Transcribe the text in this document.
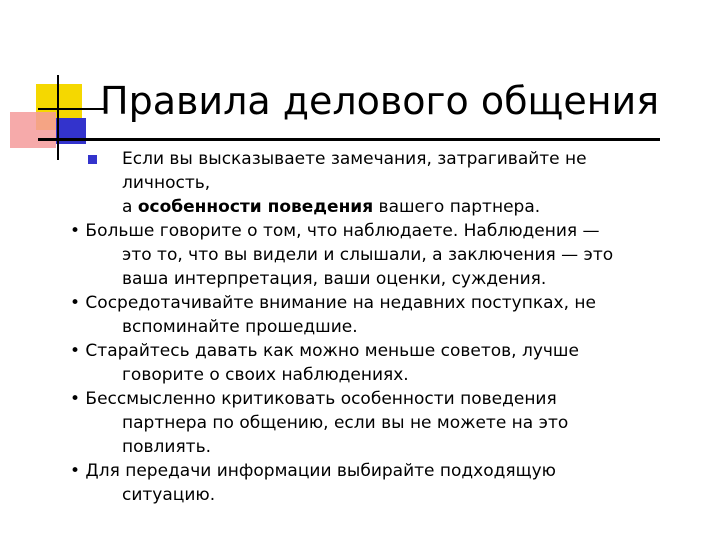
Правила делового общения
Если вы высказываете замечания, затрагивайте не
личность,
а особенности поведения вашего партнера.
• Больше говорите о том, что наблюдаете. Наблюдения —
это то, что вы видели и слышали, а заключения — это
ваша интерпретация, ваши оценки, суждения.
• Сосредотачивайте внимание на недавних поступках, не
вспоминайте прошедшие.
• Старайтесь давать как можно меньше советов, лучше
говорите о своих наблюдениях.
• Бессмысленно критиковать особенности поведения
партнера по общению, если вы не можете на это
повлиять.
• Для передачи информации выбирайте подходящую
ситуацию.
